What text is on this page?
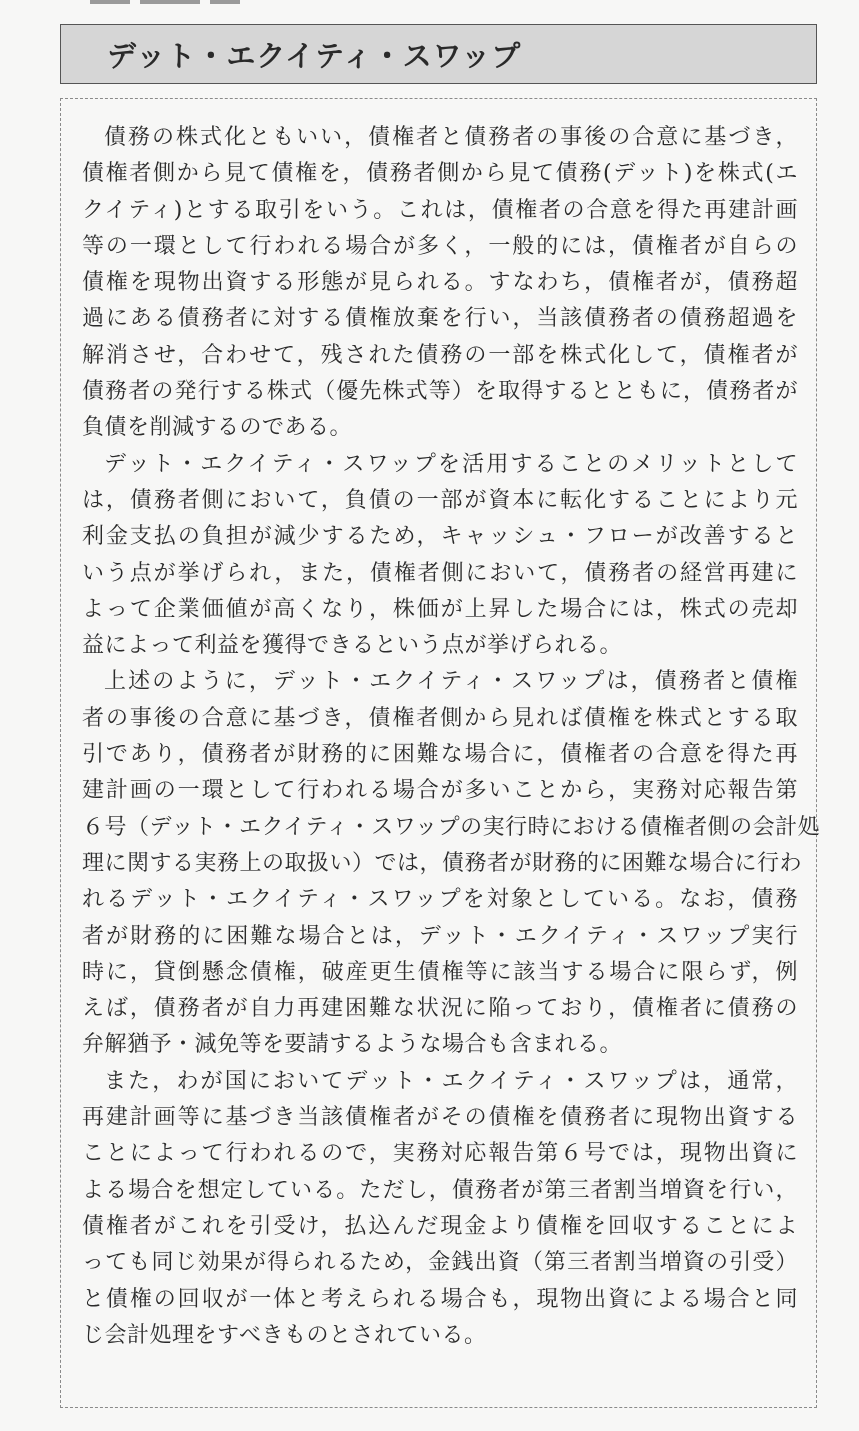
デット・エクイティ・スワップ
債務の株式化ともいい，債権者と債務者の事後の合意に基づき，
債権者側から見て債権を，債務者側から見て債務(デット)を株式(エ
クイティ)とする取引をいう。これは，債権者の合意を得た再建計画
等の一環として行われる場合が多く，一般的には，債権者が自らの
債権を現物出資する形態が見られる。すなわち，債権者が，債務超
過にある債務者に対する債権放棄を行い，当該債務者の債務超過を
解消させ，合わせて，残された債務の一部を株式化して，債権者が
債務者の発行する株式（優先株式等）を取得するとともに，債務者が
負債を削減するのである。
デット・エクイティ・スワップを活用することのメリットとして
は，債務者側において，負債の一部が資本に転化することにより元
利金支払の負担が減少するため，キャッシュ・フローが改善すると
いう点が挙げられ，また，債権者側において，債務者の経営再建に
よって企業価値が高くなり，株価が上昇した場合には，株式の売却
益によって利益を獲得できるという点が挙げられる。
上述のように，デット・エクイティ・スワップは，債務者と債権
者の事後の合意に基づき，債権者側から見れば債権を株式とする取
引であり，債務者が財務的に困難な場合に，債権者の合意を得た再
建計画の一環として行われる場合が多いことから，実務対応報告第
６号（デット・エクイティ・スワップの実行時における債権者側の会計処
理に関する実務上の取扱い）では，債務者が財務的に困難な場合に行わ
れるデット・エクイティ・スワップを対象としている。なお，債務
者が財務的に困難な場合とは，デット・エクイティ・スワップ実行
時に，貸倒懸念債権，破産更生債権等に該当する場合に限らず，例
えば，債務者が自力再建困難な状況に陥っており，債権者に債務の
弁解猶予・減免等を要請するような場合も含まれる。
また，わが国においてデット・エクイティ・スワップは，通常，
再建計画等に基づき当該債権者がその債権を債務者に現物出資する
ことによって行われるので，実務対応報告第６号では，現物出資に
よる場合を想定している。ただし，債務者が第三者割当増資を行い，
債権者がこれを引受け，払込んだ現金より債権を回収することによ
っても同じ効果が得られるため，金銭出資（第三者割当増資の引受）
と債権の回収が一体と考えられる場合も，現物出資による場合と同
じ会計処理をすべきものとされている。
